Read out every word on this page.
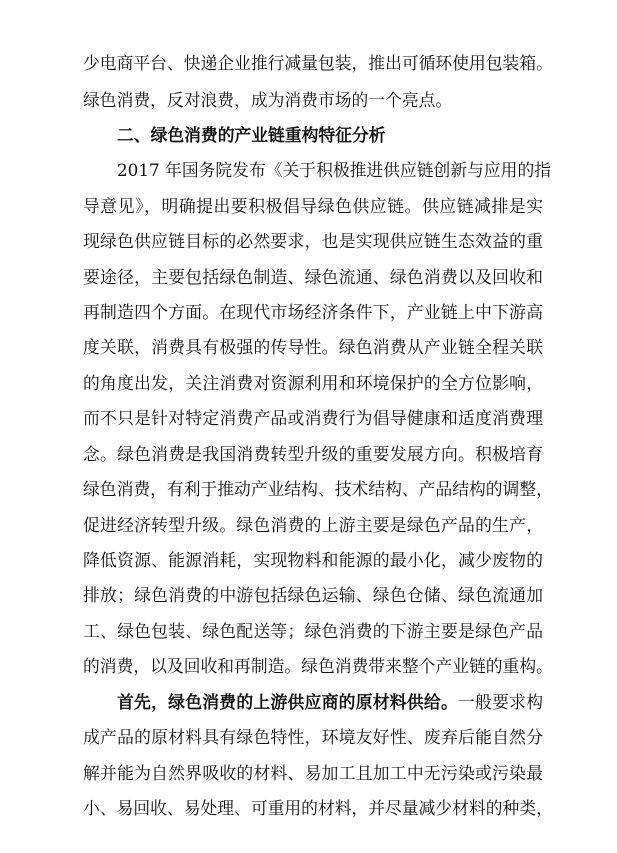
少电商平台、快递企业推行减量包装，推出可循环使用包装箱。
绿色消费，反对浪费，成为消费市场的一个亮点。
二、绿色消费的产业链重构特征分析
2017 年国务院发布《关于积极推进供应链创新与应用的指
导意见》，明确提出要积极倡导绿色供应链。供应链减排是实
现绿色供应链目标的必然要求，也是实现供应链生态效益的重
要途径，主要包括绿色制造、绿色流通、绿色消费以及回收和
再制造四个方面。在现代市场经济条件下，产业链上中下游高
度关联，消费具有极强的传导性。绿色消费从产业链全程关联
的角度出发，关注消费对资源利用和环境保护的全方位影响，
而不只是针对特定消费产品或消费行为倡导健康和适度消费理
念。绿色消费是我国消费转型升级的重要发展方向。积极培育
绿色消费，有利于推动产业结构、技术结构、产品结构的调整，
促进经济转型升级。绿色消费的上游主要是绿色产品的生产，
降低资源、能源消耗，实现物料和能源的最小化，减少废物的
排放；绿色消费的中游包括绿色运输、绿色仓储、绿色流通加
工、绿色包装、绿色配送等；绿色消费的下游主要是绿色产品
的消费，以及回收和再制造。绿色消费带来整个产业链的重构。
首先，绿色消费的上游供应商的原材料供给。一般要求构
成产品的原材料具有绿色特性，环境友好性、废弃后能自然分
解并能为自然界吸收的材料、易加工且加工中无污染或污染最
小、易回收、易处理、可重用的材料，并尽量减少材料的种类，
